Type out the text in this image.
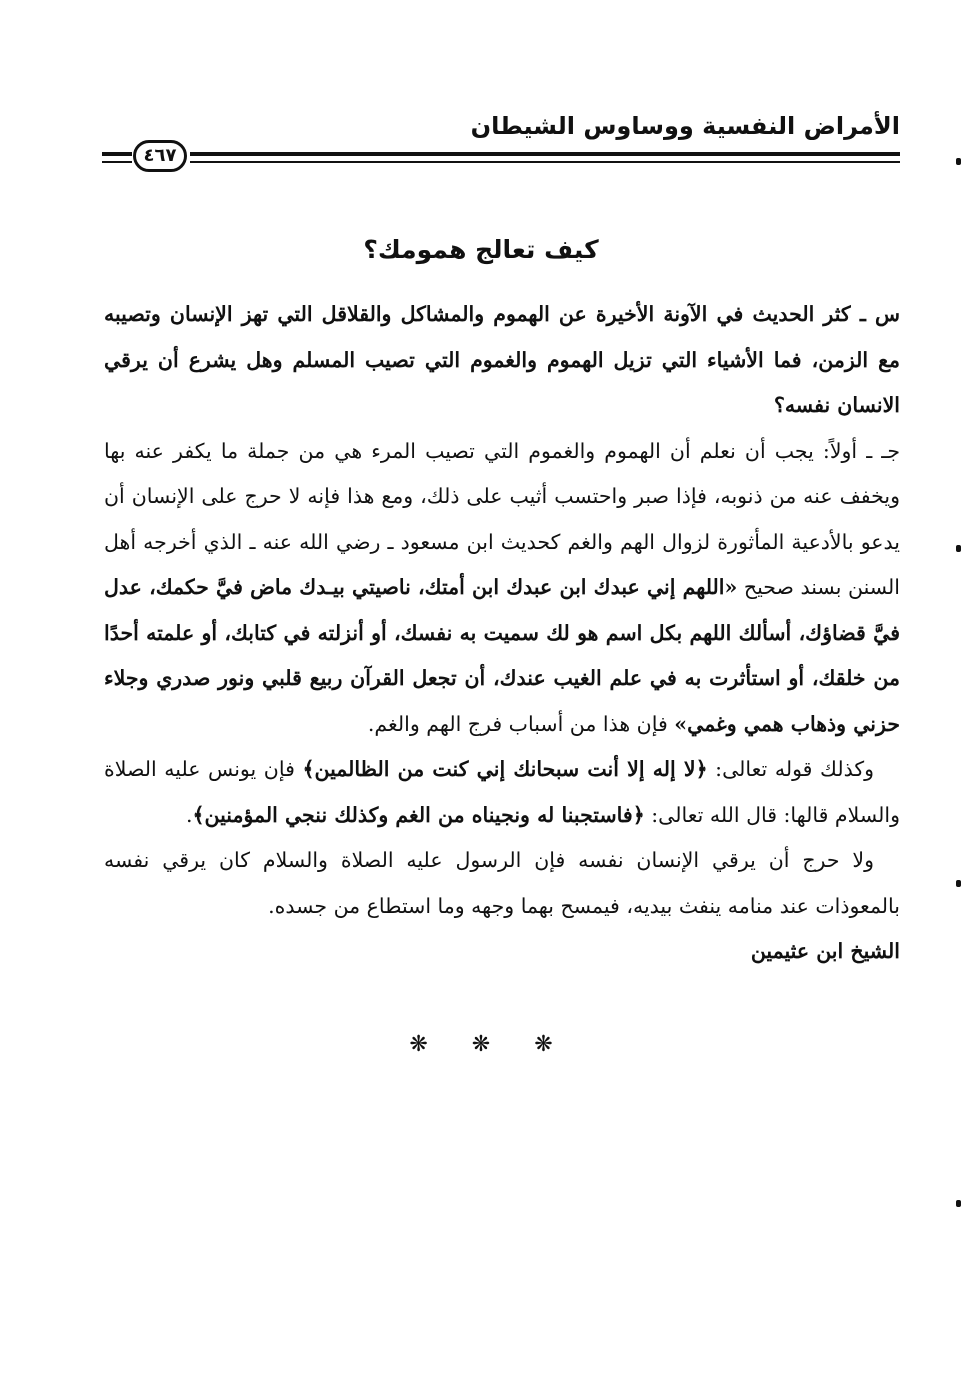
الأمراض النفسية ووساوس الشيطان
٤٦٧
كيف تعالج همومك؟

س ـ كثر الحديث في الآونة الأخيرة عن الهموم والمشاكل والقلاقل التي تهز الإنسان وتصيبه مع الزمن، فما الأشياء التي تزيل الهموم والغموم التي تصيب المسلم وهل يشرع أن يرقي الانسان نفسه؟

جـ ـ أولاً: يجب أن نعلم أن الهموم والغموم التي تصيب المرء هي من جملة ما يكفر عنه بها ويخفف عنه من ذنوبه، فإذا صبر واحتسب أثيب على ذلك، ومع هذا فإنه لا حرج على الإنسان أن يدعو بالأدعية المأثورة لزوال الهم والغم كحديث ابن مسعود ـ رضي الله عنه ـ الذي أخرجه أهل السنن بسند صحيح «اللهم إني عبدك ابن عبدك ابن أمتك، ناصيتي بيـدك ماض فيَّ حكمك، عدل فيَّ قضاؤك، أسألك اللهم بكل اسم هو لك سميت به نفسك، أو أنزلته في كتابك، أو علمته أحدًا من خلقك، أو استأثرت به في علم الغيب عندك، أن تجعل القرآن ربيع قلبي ونور صدري وجلاء حزني وذهاب همي وغمي» فإن هذا من أسباب فرج الهم والغم.

وكذلك قوله تعالى: ﴿لا إله إلا أنت سبحانك إني كنت من الظالمين﴾ فإن يونس عليه الصلاة والسلام قالها: قال الله تعالى: ﴿فاستجبنا له ونجيناه من الغم وكذلك ننجي المؤمنين﴾.

ولا حرج أن يرقي الإنسان نفسه فإن الرسول عليه الصلاة والسلام كان يرقي نفسه بالمعوذات عند منامه ينفث بيديه، فيمسح بهما وجهه وما استطاع من جسده.

الشيخ ابن عثيمين

❋❋❋
